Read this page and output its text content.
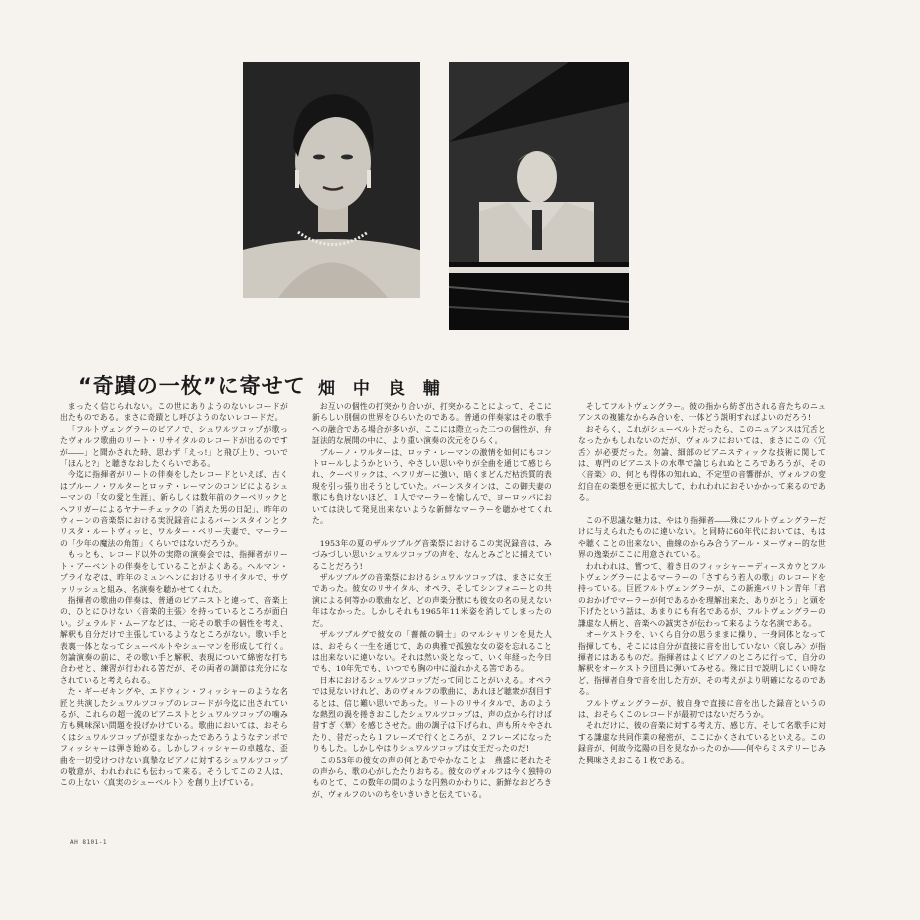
“奇蹟の一枚”に寄せて 畑 中 良 輔

まったく信じられない。この世にありようのないレコードが出たものである。まさに奇蹟とし呼びようのないレコードだ。

「フルトヴェングラーのピアノで、シュワルツコップが歌ったヴォルフ歌曲のリート・リサイタルのレコードが出るのですが――」と聞かされた時、思わず「えっ!」と飛び上り、ついで「ほんと?」と聴きなおしたくらいである。

今迄に指揮者がリートの伴奏をしたレコードといえば、古くはブルーノ・ワルターとロッテ・レーマンのコンビによるシューマンの「女の愛と生涯」、新らしくは数年前のクーベリックとヘフリガーによるヤナーチェックの「消えた男の日記」、昨年のウィーンの音楽祭における実況録音によるバーンスタインとクリスタ・ルートヴィッヒ、ワルター・ベリー夫妻で、マーラーの「少年の魔法の角笛」くらいではないだろうか。

もっとも、レコード以外の実際の演奏会では、指揮者がリート・アーベントの伴奏をしていることがよくある。ヘルマン・プライなぞは、昨年のミュンヘンにおけるリサイタルで、サヴァリッシュと組み、名演奏を聴かせてくれた。

指揮者の歌曲の伴奏は、普通のピアニストと違って、音楽上の、ひとにひけない〈音楽的主張〉を持っているところが面白い。ジェラルド・ムーアなどは、一応その歌手の個性を考え、解釈も自分だけで主張しているようなところがない。歌い手と表裏一体となってシューベルトやシューマンを形成して行く。勿論演奏の前に、その歌い手と解釈、表現について綿密な打ち合わせと、練習が行われる筈だが、その両者の調節は充分になされていると考えられる。

た・ギーゼキングや、エドウィン・フィッシャーのような名匠と共演したシュワルツコップのレコードが今迄に出されているが、これらの超一流のピアニストとシュワルツコップの噛み方も興味深い問題を投げかけている。歌曲においては、おそらくはシュワルツコップが望まなかったであろうようなテンポでフィッシャーは弾き始める。しかしフィッシャーの卓越な、歪曲を一切受けつけない真摯なピアノに対するシュワルツコップの敬意が、われわれにも伝わって来る。そうしてこの２人は、この上ない〈真実のシューベルト〉を創り上げている。

お互いの個性の打突かり合いが、打突かることによって、そこに新らしい別個の世界をひらいたのである。普通の伴奏家はその歌手への融合である場合が多いが、ここには際立った二つの個性が、弁証法的な展開の中に、より重い演奏の次元をひらく。

ブルーノ・ワルターは、ロッテ・レーマンの激情を如何にもコントロールしようかという、やさしい思いやりが全曲を通じて感じられ、クーベリックは、ヘフリガーに強い、暗くまどんだ枯渋質的表現を引っ張り出そうとしていた。バーンスタインは、この御夫妻の歌にも負けないほど、１人でマーラーを愉しんで、ヨーロッパにおいては決して発見出来ないような新鮮なマーラーを聴かせてくれた。

1953年の夏のザルツブルグ音楽祭におけるこの実況録音は、みづみづしい思いシュワルツコップの声を、なんとみごとに捕えていることだろう!

ザルツブルグの音楽祭におけるシュワルツコップは、まさに女王であった。彼女のリサイタル、オペラ、そしてシンフォニーとの共演による何等かの歌曲など、どの声楽分獣にも彼女の名の見えない年はなかった。しかしそれも1965年11米姿を消してしまったのだ。

ザルツブルグで彼女の「薔薇の騎士」のマルシャリンを見た人は、おそらく一生を通じて、あの典雅で孤独な女の姿を忘れることは出来ないに違いない。それは然い炎となって、いく年経った今日でも、10年先でも、いつでも胸の中に溢れかえる筈である。

日本におけるシュワルツコップだって同じことがいえる。オペラでは見ないけれど、あのヴォルフの歌曲に、あれほど聴衆が刮目するとは、信じ難い思いであった。リートのリサイタルで、あのような熱烈の渦を捲きおこしたシュワルツコップは、声の点から行けば昔すぎ〈華〉を感じさせた。曲の調子は下げられ、声も所々やされたり、昔だったら１フレーズで行くところが、２フレーズになったりもした。しかしやはりシュワルツコップは女王だったのだ!

この53年の彼女の声の何とあでやかなことよ　燕盛に老れたその声から、歌の心がしたたりおちる。彼女のヴォルフは今く独特のものとて、この数年の間のような円熟のかわりに、新鮮なおどろきが、ヴォルフのいのちをいきいきと伝えている。

そしてフルトヴェングラー。彼の指から紡ぎ出される音たちのニュアンスの複雑なからみ合いを、一体どう説明すればよいのだろう!

おそらく、これがシューベルトだったら、このニュアンスは冗舌となったかもしれないのだが、ヴォルフにおいては、まさにこの〈冗舌〉が必要だった。勿論、細部のピアニスティックな技術に関しては、専門のピアニストの水準で論じられぬところであろうが、その〈音楽〉の、何とも得体の知れぬ、不定型の音響群が、ヴォルフの変幻自在の楽想を更に拡大して、われわれにおそいかかって来るのである。

この不思議な魅力は、やはり指揮者――殊にフルトヴェングラーだけに与えられたものに違いない。と同時に60年代においては、もはや聴くことの出来ない、曲線のからみ合うアール・ヌーヴォー的な世界の逸楽がここに用意されている。

われわれは、嘗つて、着き日のフィッシャー＝ディースカウとフルトヴェングラーによるマーラーの「さすらう若人の歌」のレコードを持っている。巨匠フルトヴェングラーが、この新進バリトン青年「君のおかげでマーラーが何であるかを理解出来た、ありがとう」と頭を下げたという話は、あまりにも有名であるが、フルトヴェングラーの謙虚な人柄と、音楽への誠実さが伝わって来るような名演である。

オーケストラを、いくら自分の思うままに操り、一身同体となって指揮しても、そこには自分が直接に音を出していない〈哀しみ〉が指揮者にはあるものだ。指揮者はよくピアノのところに行って、自分の解釈をオーケストラ団員に弾いてみせる。殊に日で説明しにくい時など、指揮者自身で音を出した方が、その考えがより明確になるのである。

フルトヴェングラーが、彼自身で直接に音を出した録音というのは、おそらくこのレコードが最初ではないだろうか。

それだけに、彼の音楽に対する考え方、感じ方、そして名歌手に対する謙虚な共同作業の秘密が、ここにかくされているといえる。この録音が、何故今迄陽の目を見なかったのか――何やらミステリーじみた興味さえおこる１枚である。

AH 8101-1
